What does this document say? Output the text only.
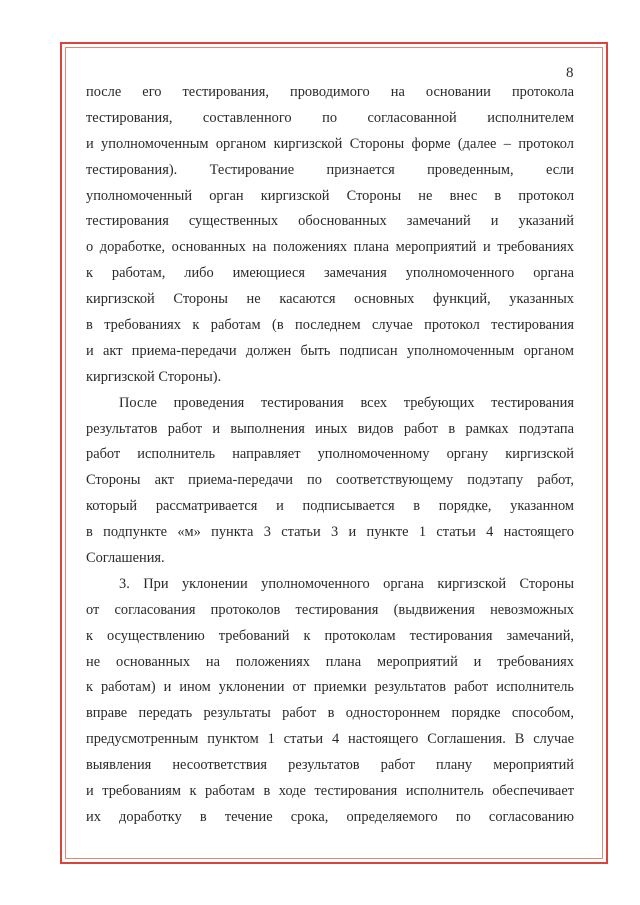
8
после его тестирования, проводимого на основании протокола
тестирования, составленного по согласованной исполнителем
и уполномоченным органом киргизской Стороны форме (далее – протокол
тестирования). Тестирование признается проведенным, если
уполномоченный орган киргизской Стороны не внес в протокол
тестирования существенных обоснованных замечаний и указаний
о доработке, основанных на положениях плана мероприятий и требованиях
к работам, либо имеющиеся замечания уполномоченного органа
киргизской Стороны не касаются основных функций, указанных
в требованиях к работам (в последнем случае протокол тестирования
и акт приема-передачи должен быть подписан уполномоченным органом
киргизской Стороны).
После проведения тестирования всех требующих тестирования
результатов работ и выполнения иных видов работ в рамках подэтапа
работ исполнитель направляет уполномоченному органу киргизской
Стороны акт приема-передачи по соответствующему подэтапу работ,
который рассматривается и подписывается в порядке, указанном
в подпункте «м» пункта 3 статьи 3 и пункте 1 статьи 4 настоящего
Соглашения.
3. При уклонении уполномоченного органа киргизской Стороны
от согласования протоколов тестирования (выдвижения невозможных
к осуществлению требований к протоколам тестирования замечаний,
не основанных на положениях плана мероприятий и требованиях
к работам) и ином уклонении от приемки результатов работ исполнитель
вправе передать результаты работ в одностороннем порядке способом,
предусмотренным пунктом 1 статьи 4 настоящего Соглашения. В случае
выявления несоответствия результатов работ плану мероприятий
и требованиям к работам в ходе тестирования исполнитель обеспечивает
их доработку в течение срока, определяемого по согласованию
